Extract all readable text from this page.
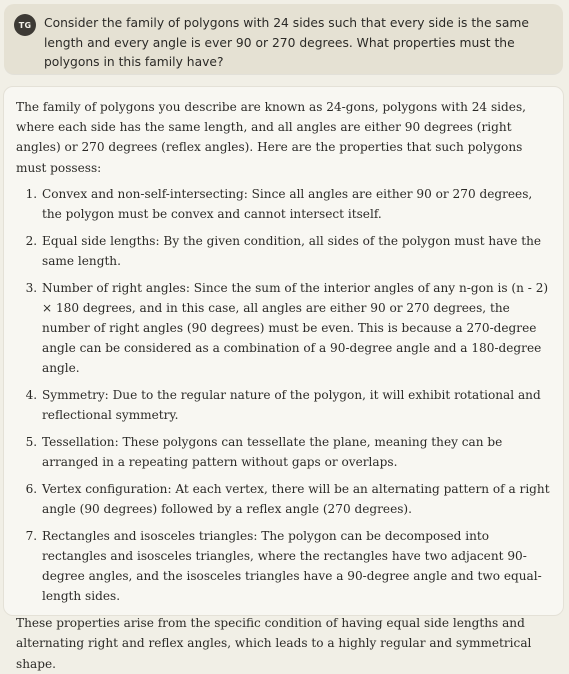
TG	Consider the family of polygons with 24 sides such that every side is the same length and every angle is ever 90 or 270 degrees. What properties must the polygons in this family have?

The family of polygons you describe are known as 24-gons, polygons with 24 sides, where each side has the same length, and all angles are either 90 degrees (right angles) or 270 degrees (reflex angles). Here are the properties that such polygons must possess:

1. Convex and non-self-intersecting: Since all angles are either 90 or 270 degrees, the polygon must be convex and cannot intersect itself.
2. Equal side lengths: By the given condition, all sides of the polygon must have the same length.
3. Number of right angles: Since the sum of the interior angles of any n-gon is (n - 2) × 180 degrees, and in this case, all angles are either 90 or 270 degrees, the number of right angles (90 degrees) must be even. This is because a 270-degree angle can be considered as a combination of a 90-degree angle and a 180-degree angle.
4. Symmetry: Due to the regular nature of the polygon, it will exhibit rotational and reflectional symmetry.
5. Tessellation: These polygons can tessellate the plane, meaning they can be arranged in a repeating pattern without gaps or overlaps.
6. Vertex configuration: At each vertex, there will be an alternating pattern of a right angle (90 degrees) followed by a reflex angle (270 degrees).
7. Rectangles and isosceles triangles: The polygon can be decomposed into rectangles and isosceles triangles, where the rectangles have two adjacent 90-degree angles, and the isosceles triangles have a 90-degree angle and two equal-length sides.

These properties arise from the specific condition of having equal side lengths and alternating right and reflex angles, which leads to a highly regular and symmetrical shape.
